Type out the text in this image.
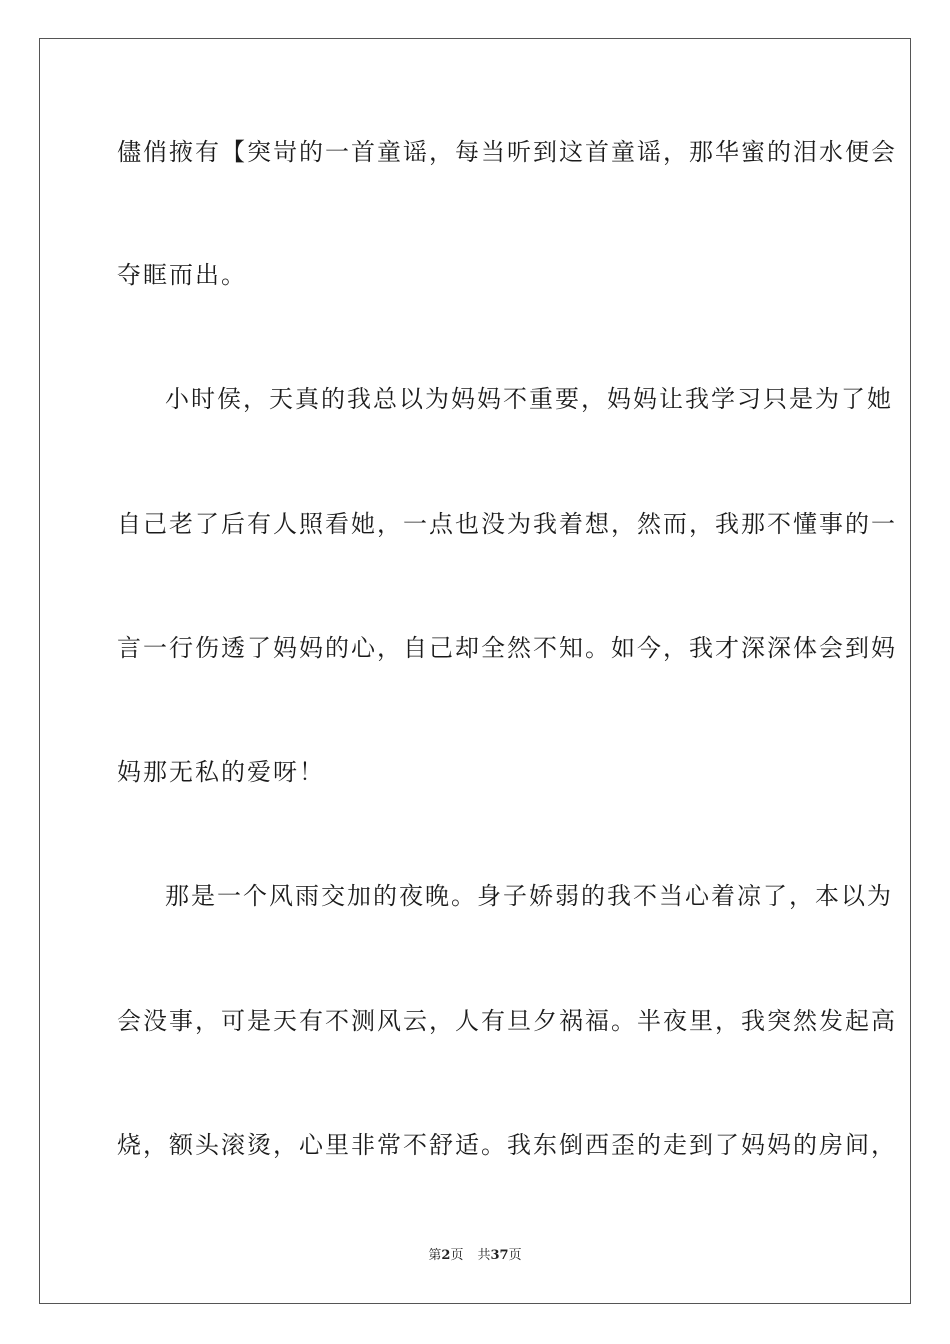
儘俏掖有【突岢的一首童谣，每当听到这首童谣，那华蜜的泪水便会
夺眶而出。
小时侯，天真的我总以为妈妈不重要，妈妈让我学习只是为了她
自己老了后有人照看她，一点也没为我着想，然而，我那不懂事的一
言一行伤透了妈妈的心，自己却全然不知。如今，我才深深体会到妈
妈那无私的爱呀！
那是一个风雨交加的夜晚。身子娇弱的我不当心着凉了，本以为
会没事，可是天有不测风云，人有旦夕祸福。半夜里，我突然发起高
烧，额头滚烫，心里非常不舒适。我东倒西歪的走到了妈妈的房间，
第2页 共37页
